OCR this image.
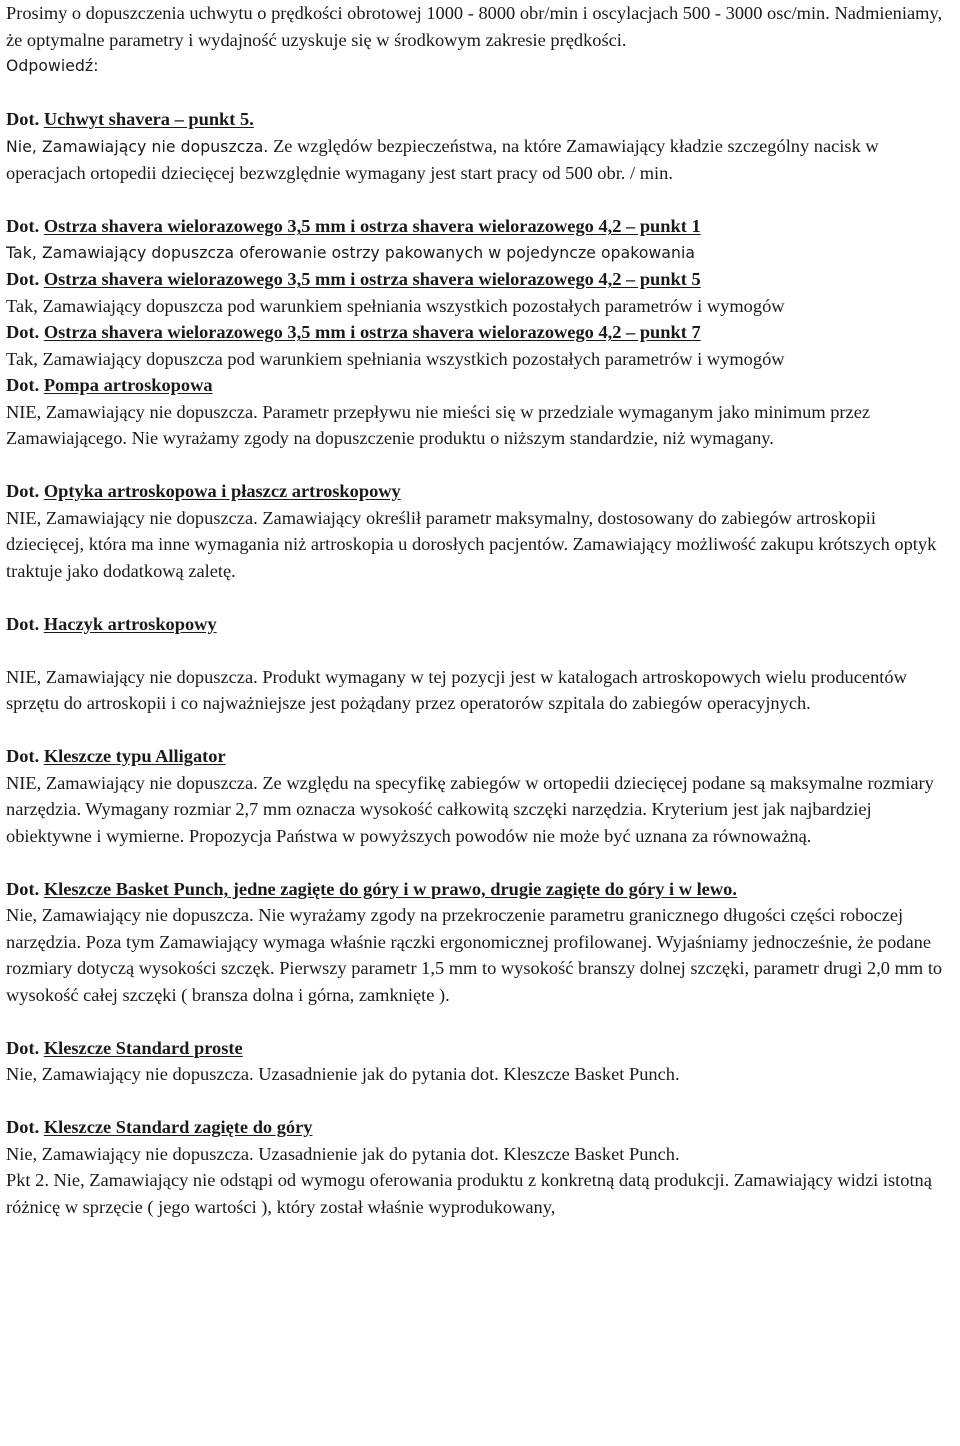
Prosimy o dopuszczenia uchwytu o prędkości obrotowej 1000 - 8000 obr/min i oscylacjach 500 - 3000 osc/min. Nadmieniamy, że optymalne parametry i wydajność uzyskuje się w środkowym zakresie prędkości.

Odpowiedź:

Dot. Uchwyt shavera – punkt 5.

Nie, Zamawiający nie dopuszcza. Ze względów bezpieczeństwa, na które Zamawiający kładzie szczególny nacisk w operacjach ortopedii dziecięcej bezwzględnie wymagany jest start pracy od 500 obr. / min.

Dot. Ostrza shavera wielorazowego 3,5 mm i ostrza shavera wielorazowego 4,2 – punkt 1

Tak, Zamawiający dopuszcza oferowanie ostrzy pakowanych w pojedyncze opakowania

Dot. Ostrza shavera wielorazowego 3,5 mm i ostrza shavera wielorazowego 4,2 – punkt 5

Tak, Zamawiający dopuszcza pod warunkiem spełniania wszystkich pozostałych parametrów i wymogów

Dot. Ostrza shavera wielorazowego 3,5 mm i ostrza shavera wielorazowego 4,2 – punkt 7

Tak, Zamawiający dopuszcza pod warunkiem spełniania wszystkich pozostałych parametrów i wymogów

Dot. Pompa artroskopowa

NIE, Zamawiający nie dopuszcza. Parametr przepływu nie mieści się w przedziale wymaganym jako minimum przez Zamawiającego. Nie wyrażamy zgody na dopuszczenie produktu o niższym standardzie, niż wymagany.

Dot. Optyka artroskopowa i płaszcz artroskopowy

NIE, Zamawiający nie dopuszcza. Zamawiający określił parametr maksymalny, dostosowany do zabiegów artroskopii dziecięcej, która ma inne wymagania niż artroskopia u dorosłych pacjentów. Zamawiający możliwość zakupu krótszych optyk traktuje jako dodatkową zaletę.

Dot. Haczyk artroskopowy

NIE, Zamawiający nie dopuszcza. Produkt wymagany w tej pozycji jest w katalogach artroskopowych wielu producentów sprzętu do artroskopii i co najważniejsze jest pożądany przez operatorów szpitala do zabiegów operacyjnych.

Dot. Kleszcze typu Alligator

NIE, Zamawiający nie dopuszcza. Ze względu na specyfikę zabiegów w ortopedii dziecięcej podane są maksymalne rozmiary narzędzia. Wymagany rozmiar 2,7 mm oznacza wysokość całkowitą szczęki narzędzia. Kryterium jest jak najbardziej obiektywne i wymierne. Propozycja Państwa w powyższych powodów nie może być uznana za równoważną.

Dot. Kleszcze Basket Punch, jedne zagięte do góry i w prawo, drugie zagięte do góry i w lewo.

Nie, Zamawiający nie dopuszcza. Nie wyrażamy zgody na przekroczenie parametru granicznego długości części roboczej narzędzia. Poza tym Zamawiający wymaga właśnie rączki ergonomicznej profilowanej. Wyjaśniamy jednocześnie, że podane rozmiary dotyczą wysokości szczęk. Pierwszy parametr 1,5 mm to wysokość branszy dolnej szczęki, parametr drugi 2,0 mm to wysokość całej szczęki ( bransza dolna i górna, zamknięte ).

Dot. Kleszcze Standard proste

Nie, Zamawiający nie dopuszcza. Uzasadnienie jak do pytania dot. Kleszcze Basket Punch.

Dot. Kleszcze Standard zagięte do góry

Nie, Zamawiający nie dopuszcza. Uzasadnienie jak do pytania dot. Kleszcze Basket Punch.

Pkt 2. Nie, Zamawiający nie odstąpi od wymogu oferowania produktu z konkretną datą produkcji. Zamawiający widzi istotną różnicę w sprzęcie ( jego wartości ), który został właśnie wyprodukowany,
